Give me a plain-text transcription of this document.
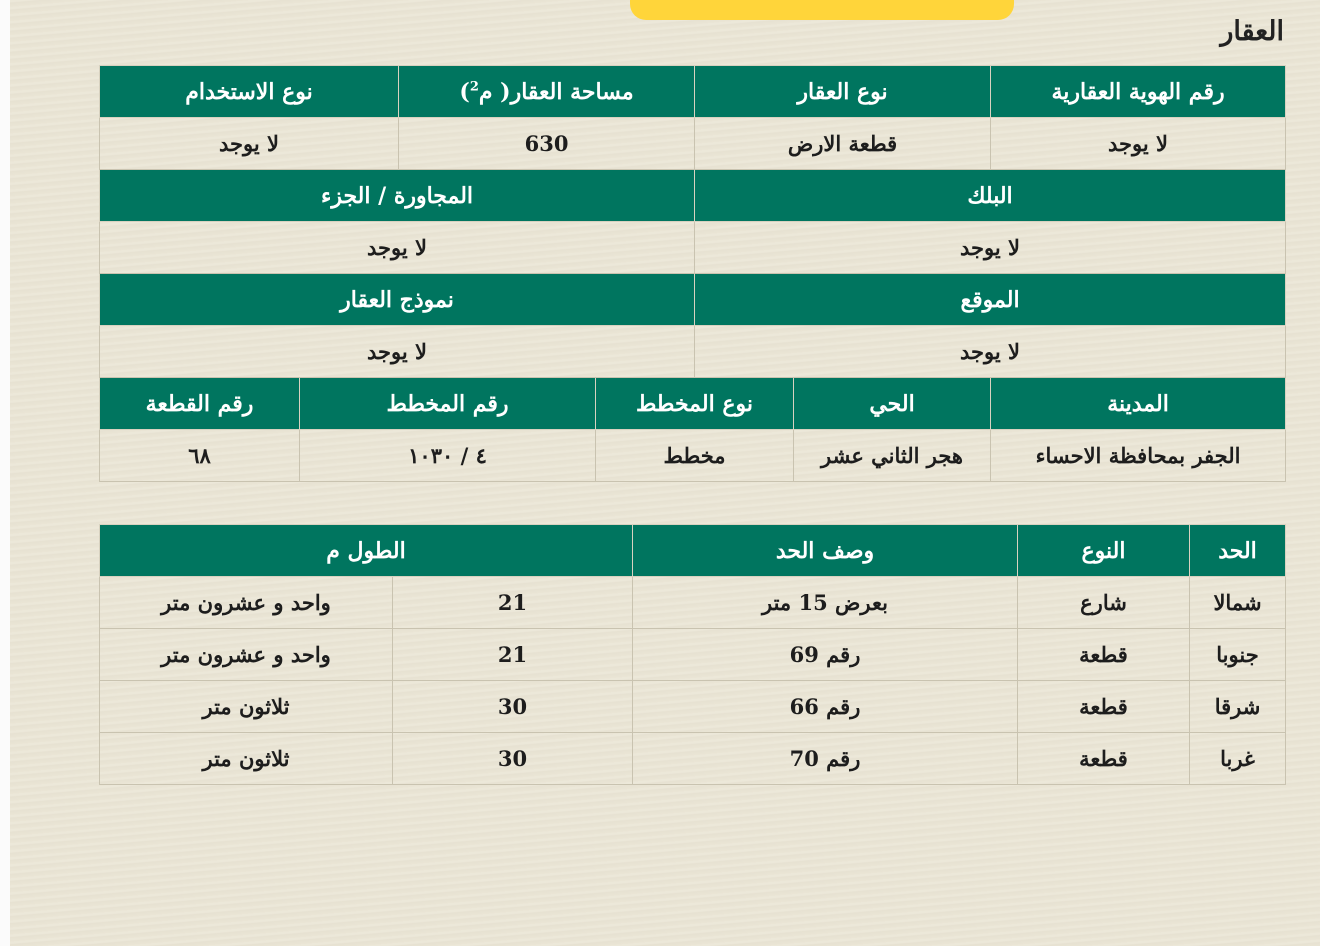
العقار
رقم الهوية العقارية	نوع العقار		مساحة العقار( م$^2$)		نوع الاستخدام	
لا يوجد	قطعة الارض		630		لا يوجد	
البلك			المجاورة / الجزء			
لا يوجد			لا يوجد			
الموقع			نموذج العقار			
لا يوجد			لا يوجد			
المدينة	الحي	نوع المخطط		رقم المخطط		رقم القطعة
الجفر بمحافظة الاحساء	هجر الثاني عشر	مخطط		٤ / ١٠٣٠		٦٨
الحد	النوع	وصف الحد	الطول م	
شمالا	شارع	بعرض 15 متر	21	واحد و عشرون متر
جنوبا	قطعة	رقم 69	21	واحد و عشرون متر
شرقا	قطعة	رقم 66	30	ثلاثون متر
غربا	قطعة	رقم 70	30	ثلاثون متر
